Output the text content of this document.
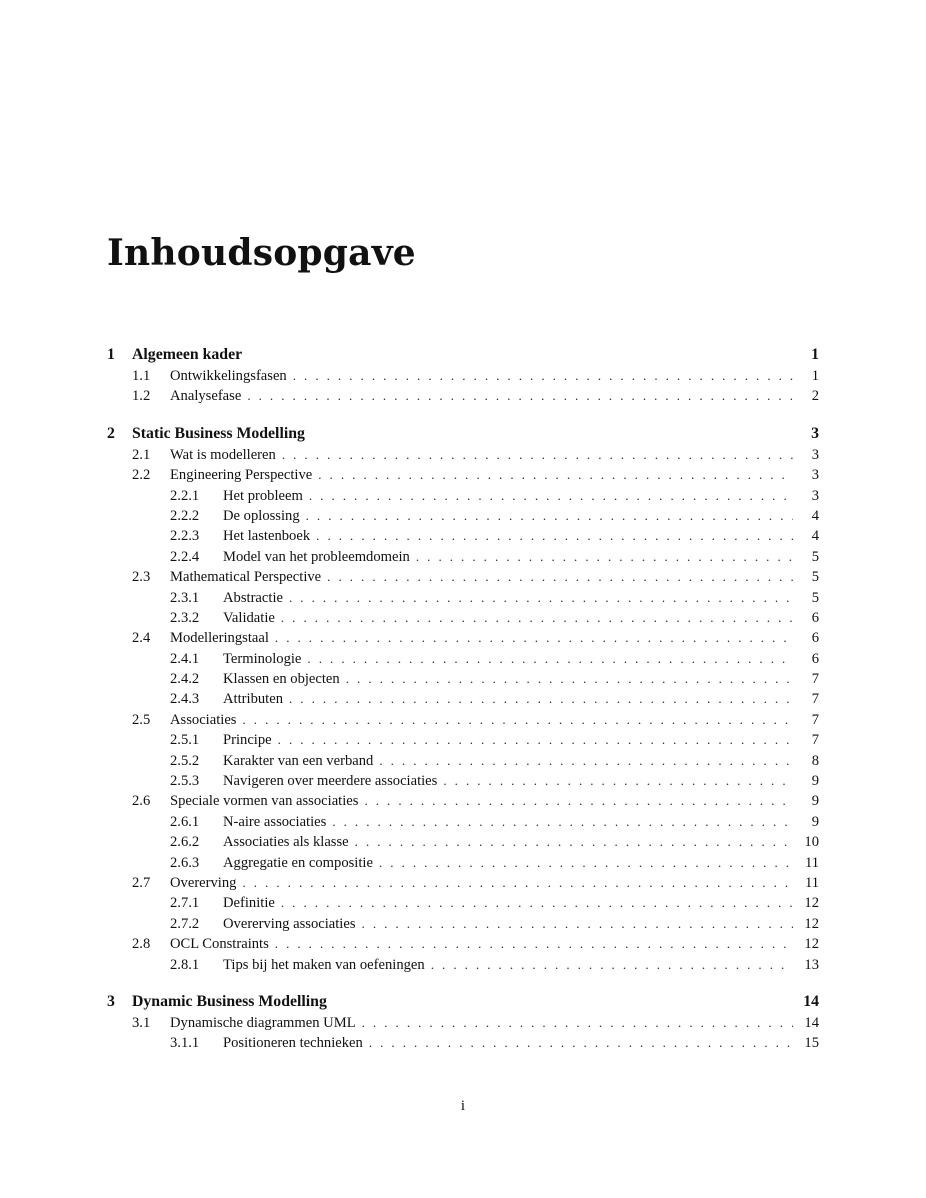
Inhoudsopgave
1	Algemeen kader	1
1.1	Ontwikkelingsfasen . . .	1
1.2	Analysefase . . .	2
2	Static Business Modelling	3
2.1	Wat is modelleren . . .	3
2.2	Engineering Perspective . . .	3
2.2.1	Het probleem . . .	3
2.2.2	De oplossing . . .	4
2.2.3	Het lastenboek . . .	4
2.2.4	Model van het probleemdomein . . .	5
2.3	Mathematical Perspective . . .	5
2.3.1	Abstractie . . .	5
2.3.2	Validatie . . .	6
2.4	Modelleringstaal . . .	6
2.4.1	Terminologie . . .	6
2.4.2	Klassen en objecten . . .	7
2.4.3	Attributen . . .	7
2.5	Associaties . . .	7
2.5.1	Principe . . .	7
2.5.2	Karakter van een verband . . .	8
2.5.3	Navigeren over meerdere associaties . . .	9
2.6	Speciale vormen van associaties . . .	9
2.6.1	N-aire associaties . . .	9
2.6.2	Associaties als klasse . . .	10
2.6.3	Aggregatie en compositie . . .	11
2.7	Overerving . . .	11
2.7.1	Definitie . . .	12
2.7.2	Overerving associaties . . .	12
2.8	OCL Constraints . . .	12
2.8.1	Tips bij het maken van oefeningen . . .	13
3	Dynamic Business Modelling	14
3.1	Dynamische diagrammen UML . . .	14
3.1.1	Positioneren technieken . . .	15
i
